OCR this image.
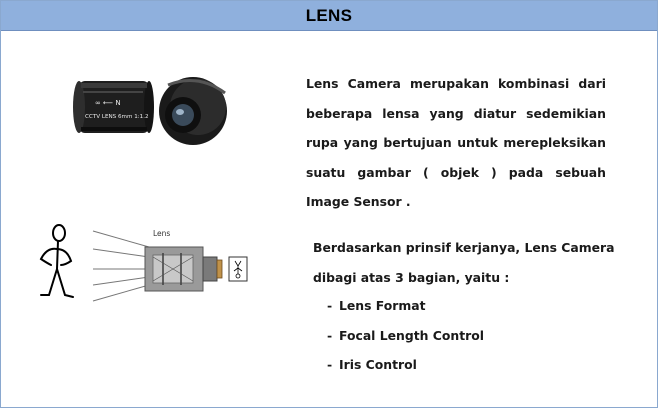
LENS
∞ ⟵ N
CCTV LENS 6mm 1:1.2
Lens Camera merupakan kombinasi dari beberapa lensa yang diatur sedemikian rupa yang bertujuan untuk merepleksikan suatu gambar ( objek ) pada sebuah Image Sensor .
Berdasarkan prinsif kerjanya, Lens Camera
dibagi atas 3 bagian, yaitu :
- Lens Format
- Focal Length Control
- Iris Control
Lens
